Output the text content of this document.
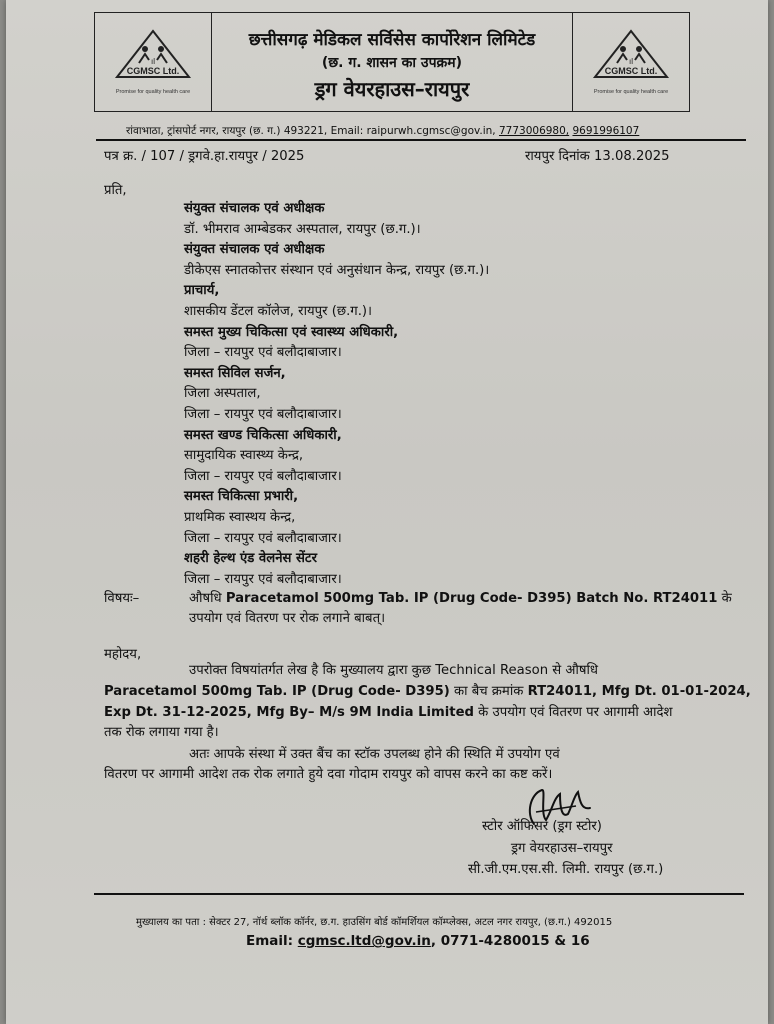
ıl
CGMSC Ltd.
Promise for quality health care
छत्तीसगढ़ मेडिकल सर्विसेस कार्पोरेशन लिमिटेड
(छ. ग. शासन का उपक्रम)
ड्रग वेयरहाउस–रायपुर
ıl
CGMSC Ltd.
Promise for quality health care
रांवाभाठा, ट्रांसपोर्ट नगर, रायपुर (छ. ग.) 493221, Email: raipurwh.cgmsc@gov.in, 7773006980, 9691996107
पत्र क्र. / 107 / ड्रगवे.हा.रायपुर / 2025	रायपुर दिनांक 13.08.2025
प्रति,
संयुक्त संचालक एवं अधीक्षक
डॉ. भीमराव आम्बेडकर अस्पताल, रायपुर (छ.ग.)।
संयुक्त संचालक एवं अधीक्षक
डीकेएस स्नातकोत्तर संस्थान एवं अनुसंधान केन्द्र, रायपुर (छ.ग.)।
प्राचार्य,
शासकीय डेंटल कॉलेज, रायपुर (छ.ग.)।
समस्त मुख्य चिकित्सा एवं स्वास्थ्य अधिकारी,
जिला – रायपुर एवं बलौदाबाजार।
समस्त सिविल सर्जन,
जिला अस्पताल,
जिला – रायपुर एवं बलौदाबाजार।
समस्त खण्ड चिकित्सा अधिकारी,
सामुदायिक स्वास्थ्य केन्द्र,
जिला – रायपुर एवं बलौदाबाजार।
समस्त चिकित्सा प्रभारी,
प्राथमिक स्वास्थय केन्द्र,
जिला – रायपुर एवं बलौदाबाजार।
शहरी हेल्थ एंड वेलनेस सेंटर
जिला – रायपुर एवं बलौदाबाजार।
विषयः–	औषधि Paracetamol 500mg Tab. IP (Drug Code- D395) Batch No. RT24011 के
उपयोग एवं वितरण पर रोक लगाने बाबत्।
महोदय,
उपरोक्त विषयांतर्गत लेख है कि मुख्यालय द्वारा कुछ Technical Reason से औषधि
Paracetamol 500mg Tab. IP (Drug Code- D395) का बैच क्रमांक RT24011, Mfg Dt. 01-01-2024,
Exp Dt. 31-12-2025, Mfg By– M/s 9M India Limited के उपयोग एवं वितरण पर आगामी आदेश
तक रोक लगाया गया है।
अतः आपके संस्था में उक्त बैंच का स्टॉक उपलब्ध होने की स्थिति में उपयोग एवं
वितरण पर आगामी आदेश तक रोक लगाते हुये दवा गोदाम रायपुर को वापस करने का कष्ट करें।
स्टोर ऑफिसर (ड्रग स्टोर)
ड्रग वेयरहाउस–रायपुर
सी.जी.एम.एस.सी. लिमी. रायपुर (छ.ग.)
मुख्यालय का पता : सेक्टर 27, नॉर्थ ब्लॉक कॉर्नर, छ.ग. हाउसिंग बोर्ड कॉमर्शियल कॉम्प्लेक्स, अटल नगर रायपुर, (छ.ग.) 492015
Email: cgmsc.ltd@gov.in, 0771-4280015 & 16
